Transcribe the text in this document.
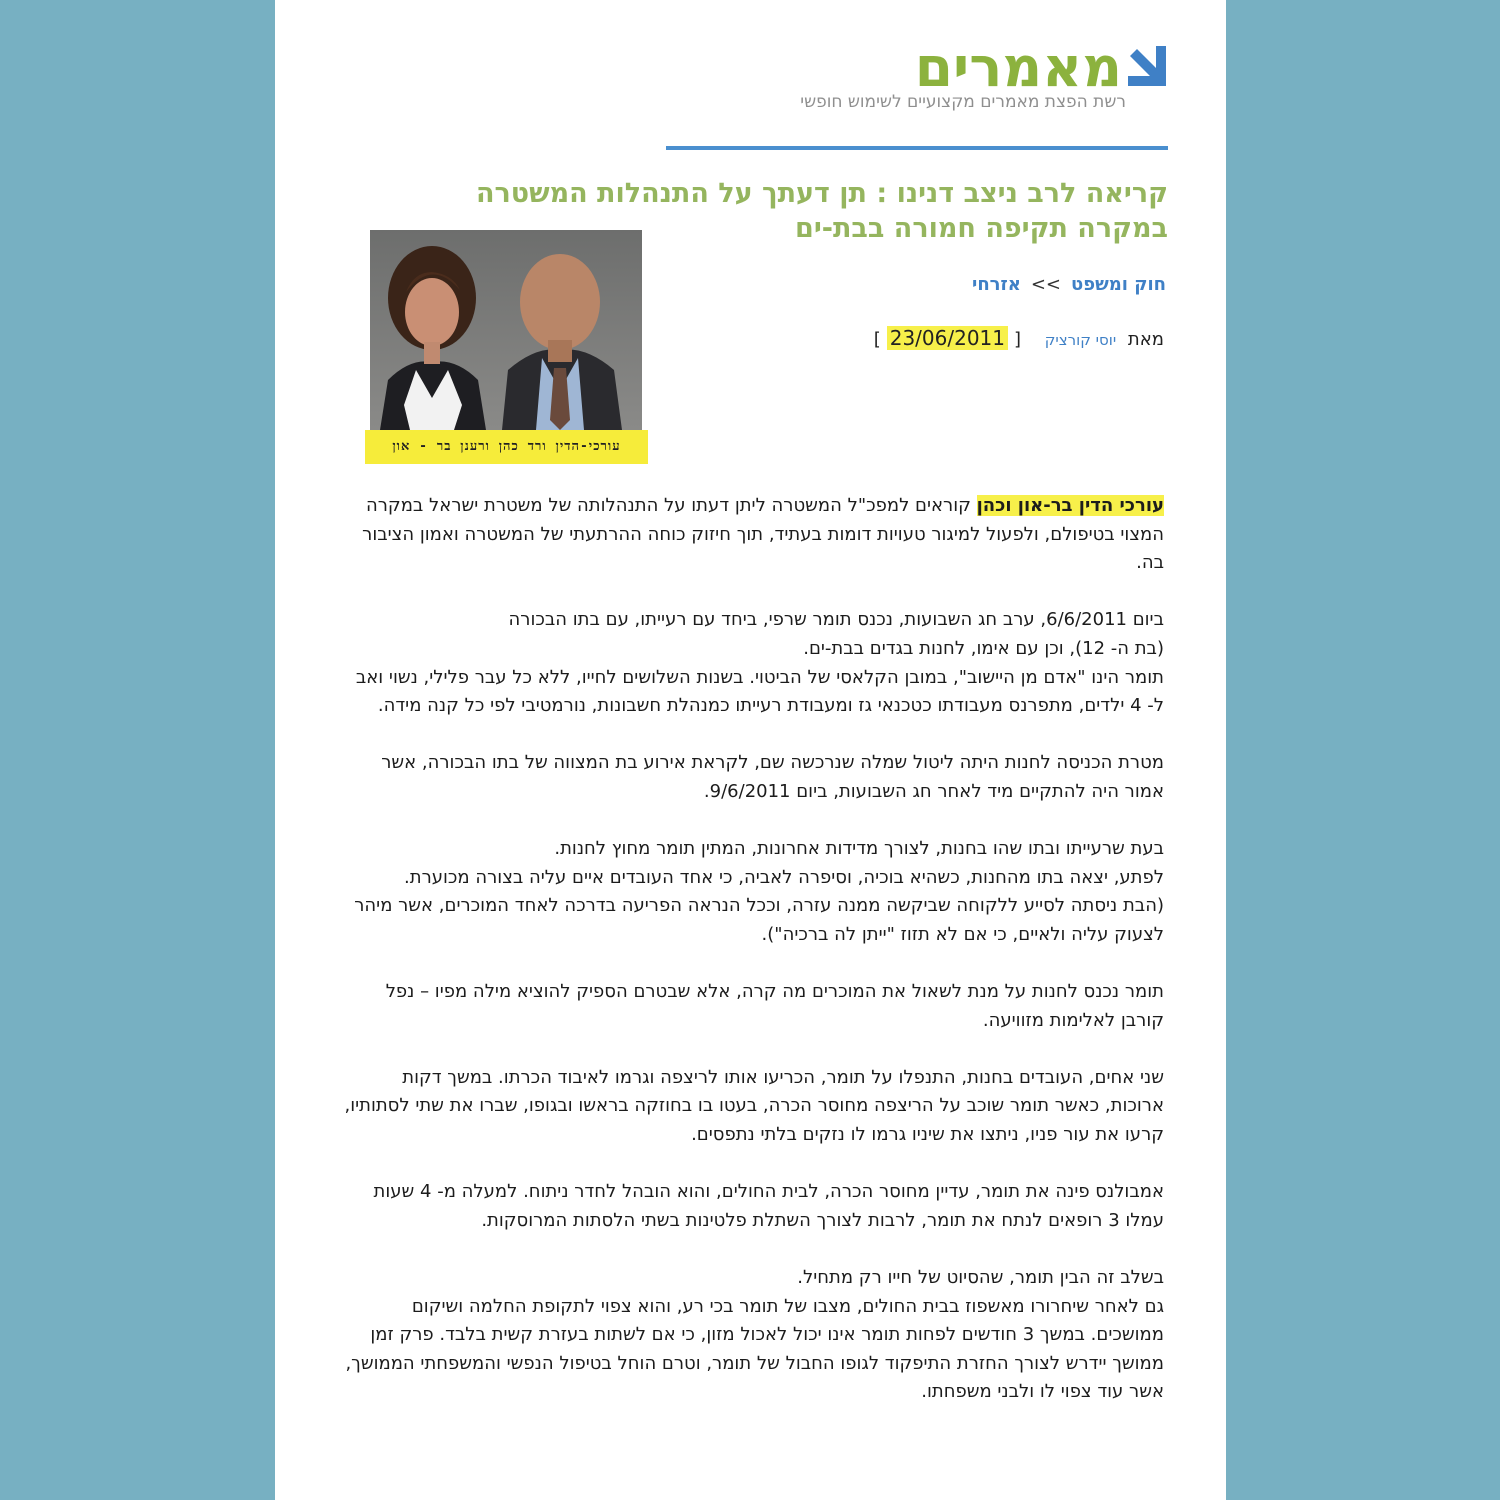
מאמרים
רשת הפצת מאמרים מקצועיים לשימוש חופשי
קריאה לרב ניצב דנינו : תן דעתך על התנהלות המשטרה במקרה תקיפה חמורה בבת-ים
חוק ומשפט>>אזרחי
מאת יוסי קורציק [23/06/2011]
עורכי-הדין ורד כהן ורענן בר - און

עורכי הדין בר-און וכהן קוראים למפכ"ל המשטרה ליתן דעתו על התנהלותה של משטרת ישראל במקרה המצוי בטיפולם, ולפעול למיגור טעויות דומות בעתיד, תוך חיזוק כוחה ההרתעתי של המשטרה ואמון הציבור בה.

ביום 6/6/2011, ערב חג השבועות, נכנס תומר שרפי, ביחד עם רעייתו, עם בתו הבכורה
(בת ה- 12), וכן עם אימו, לחנות בגדים בבת-ים.
תומר הינו "אדם מן היישוב", במובן הקלאסי של הביטוי. בשנות השלושים לחייו, ללא כל עבר פלילי, נשוי ואב ל- 4 ילדים, מתפרנס מעבודתו כטכנאי גז ומעבודת רעייתו כמנהלת חשבונות, נורמטיבי לפי כל קנה מידה.

מטרת הכניסה לחנות היתה ליטול שמלה שנרכשה שם, לקראת אירוע בת המצווה של בתו הבכורה, אשר אמור היה להתקיים מיד לאחר חג השבועות, ביום 9/6/2011.

בעת שרעייתו ובתו שהו בחנות, לצורך מדידות אחרונות, המתין תומר מחוץ לחנות.
לפתע, יצאה בתו מהחנות, כשהיא בוכיה, וסיפרה לאביה, כי אחד העובדים איים עליה בצורה מכוערת.
(הבת ניסתה לסייע ללקוחה שביקשה ממנה עזרה, וככל הנראה הפריעה בדרכה לאחד המוכרים, אשר מיהר לצעוק עליה ולאיים, כי אם לא תזוז "ייתן לה ברכיה").

תומר נכנס לחנות על מנת לשאול את המוכרים מה קרה, אלא שבטרם הספיק להוציא מילה מפיו – נפל קורבן לאלימות מזוויעה.

שני אחים, העובדים בחנות, התנפלו על תומר, הכריעו אותו לריצפה וגרמו לאיבוד הכרתו. במשך דקות ארוכות, כאשר תומר שוכב על הריצפה מחוסר הכרה, בעטו בו בחוזקה בראשו ובגופו, שברו את שתי לסתותיו, קרעו את עור פניו, ניתצו את שיניו גרמו לו נזקים בלתי נתפסים.

אמבולנס פינה את תומר, עדיין מחוסר הכרה, לבית החולים, והוא הובהל לחדר ניתוח. למעלה מ- 4 שעות עמלו 3 רופאים לנתח את תומר, לרבות לצורך השתלת פלטינות בשתי הלסתות המרוסקות.

בשלב זה הבין תומר, שהסיוט של חייו רק מתחיל.
גם לאחר שיחרורו מאשפוז בבית החולים, מצבו של תומר בכי רע, והוא צפוי לתקופת החלמה ושיקום ממושכים. במשך 3 חודשים לפחות תומר אינו יכול לאכול מזון, כי אם לשתות בעזרת קשית בלבד. פרק זמן ממושך יידרש לצורך החזרת התיפקוד לגופו החבול של תומר, וטרם הוחל בטיפול הנפשי והמשפחתי הממושך, אשר עוד צפוי לו ולבני משפחתו.
